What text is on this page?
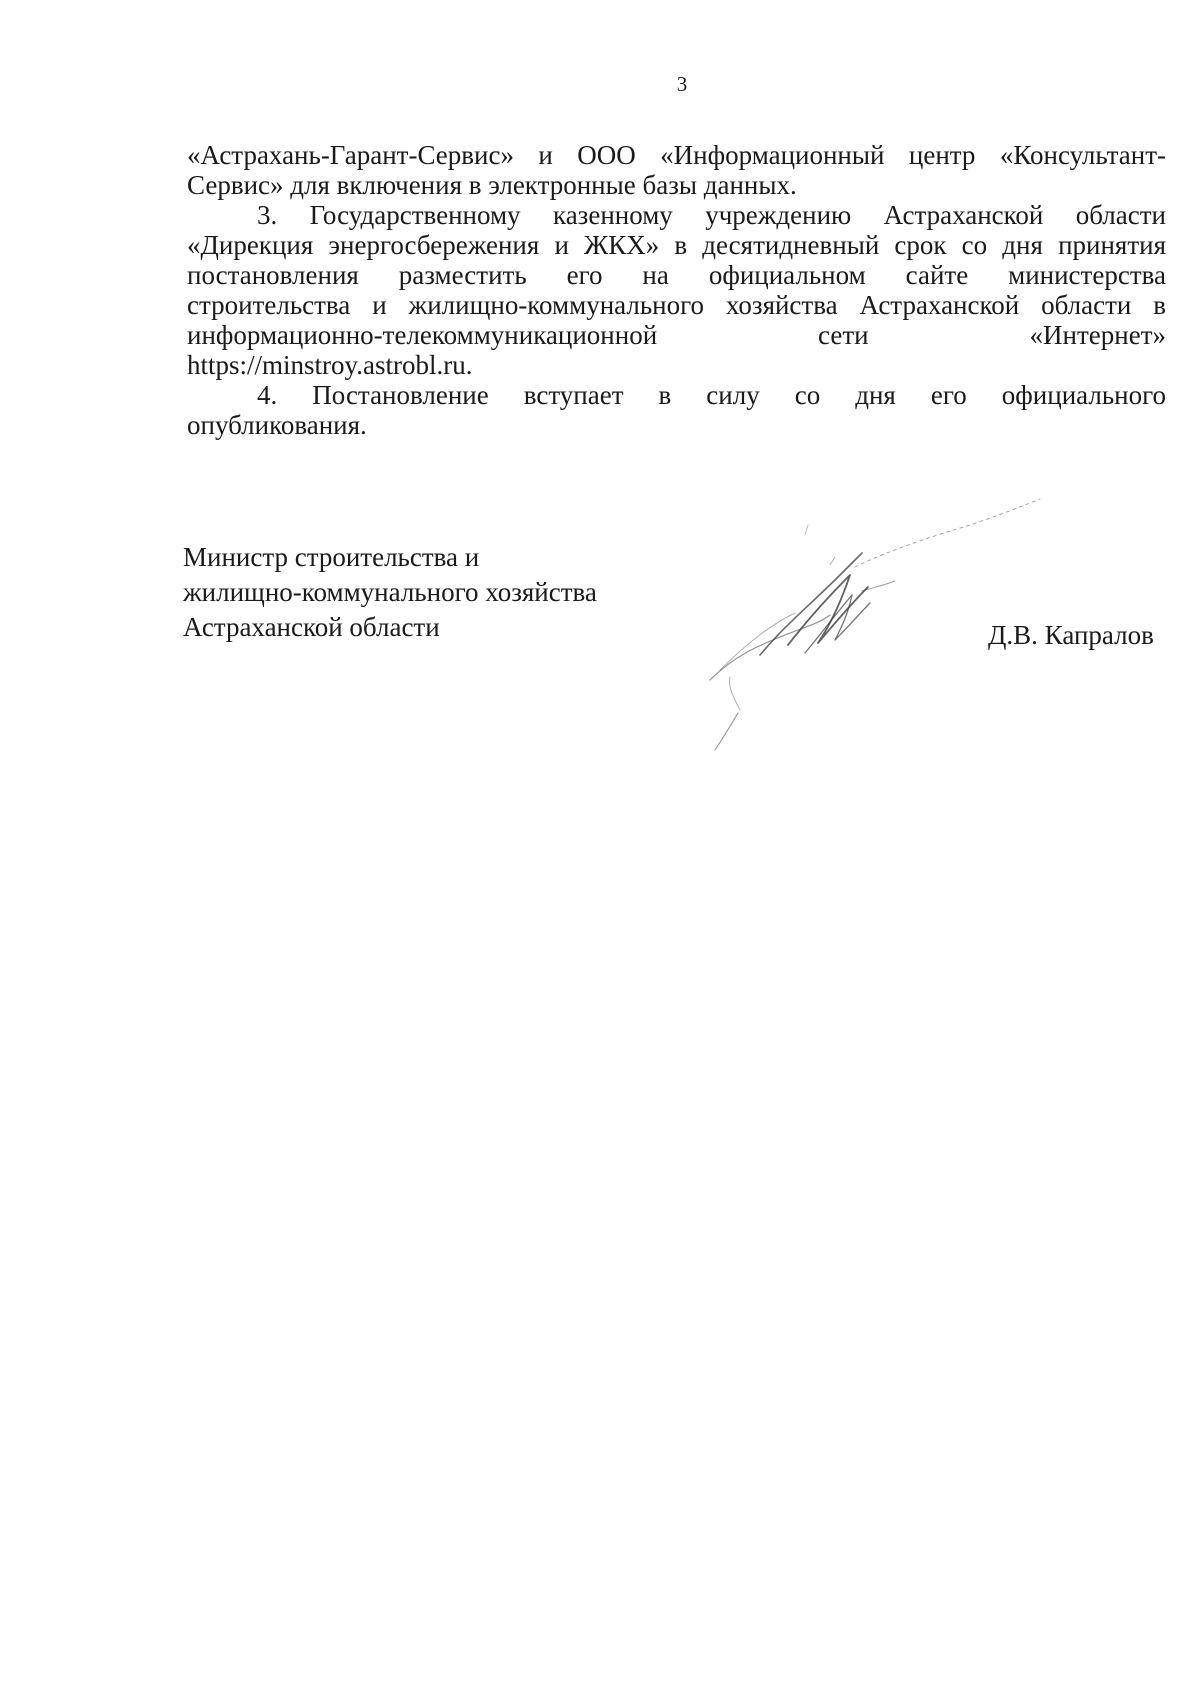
3

«Астрахань-Гарант-Сервис» и ООО «Информационный центр «Консультант-
Сервис» для включения в электронные базы данных.

3. Государственному казенному учреждению Астраханской области
«Дирекция энергосбережения и ЖКХ» в десятидневный срок со дня принятия
постановления разместить его на официальном сайте министерства
строительства и жилищно-коммунального хозяйства Астраханской области в
информационно-телекоммуникационной сети «Интернет»
https://minstroy.astrobl.ru.

4. Постановление вступает в силу со дня его официального
опубликования.

Министр строительства и
жилищно-коммунального хозяйства
Астраханской области	Д.В. Капралов
